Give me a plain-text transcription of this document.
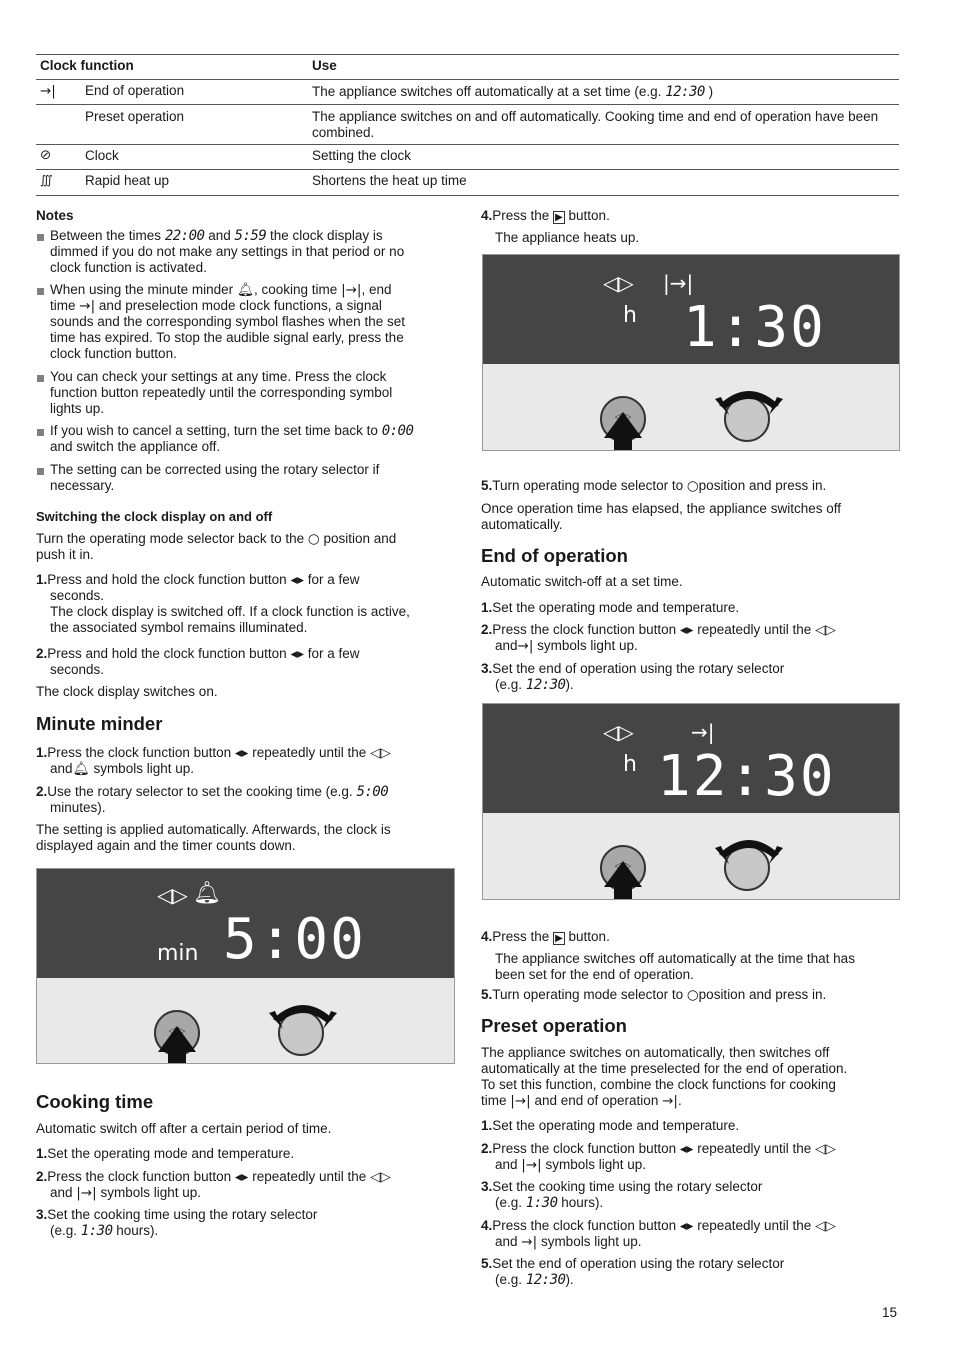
Clock function	Use
→| End of operation	The appliance switches off automatically at a set time (e.g. 12:30 )
Preset operation	The appliance switches on and off automatically. Cooking time and end of operation have been combined.
⊘ Clock	Setting the clock
∭ Rapid heat up	Shortens the heat up time
Notes
Between the times 22:00 and 5:59 the clock display is
dimmed if you do not make any settings in that period or no
clock function is activated.
When using the minute minder 🔔︎, cooking time |→|, end
time →| and preselection mode clock functions, a signal
sounds and the corresponding symbol flashes when the set
time has expired. To stop the audible signal early, press the
clock function button.
You can check your settings at any time. Press the clock
function button repeatedly until the corresponding symbol
lights up.
If you wish to cancel a setting, turn the set time back to 0:00
and switch the appliance off.
The setting can be corrected using the rotary selector if
necessary.
Switching the clock display on and off
Turn the operating mode selector back to the ○ position and
push it in.
1.Press and hold the clock function button ◂▸ for a few
seconds.
The clock display is switched off. If a clock function is active,
the associated symbol remains illuminated.
2.Press and hold the clock function button ◂▸ for a few
seconds.
The clock display switches on.
Minute minder
1.Press the clock function button ◂▸ repeatedly until the ◁▷
and🔔︎ symbols light up.
2.Use the rotary selector to set the cooking time (e.g. 5:00
minutes).
The setting is applied automatically. Afterwards, the clock is
displayed again and the timer counts down.
◁▷ 🔔︎
min 5:00
◁▷
Cooking time
Automatic switch off after a certain period of time.
1.Set the operating mode and temperature.
2.Press the clock function button ◂▸ repeatedly until the ◁▷
and |→| symbols light up.
3.Set the cooking time using the rotary selector
(e.g. 1:30 hours).
4.Press the ▶ button.
The appliance heats up.
◁▷ |→|
h 1:30
◁▷
5.Turn operating mode selector to ○position and press in.
Once operation time has elapsed, the appliance switches off
automatically.
End of operation
Automatic switch-off at a set time.
1.Set the operating mode and temperature.
2.Press the clock function button ◂▸ repeatedly until the ◁▷
and→| symbols light up.
3.Set the end of operation using the rotary selector
(e.g. 12:30).
◁▷	→|
h 12:30
◁▷
4.Press the ▶ button.
The appliance switches off automatically at the time that has
been set for the end of operation.
5.Turn operating mode selector to ○position and press in.
Preset operation
The appliance switches on automatically, then switches off
automatically at the time preselected for the end of operation.
To set this function, combine the clock functions for cooking
time |→| and end of operation →|.
1.Set the operating mode and temperature.
2.Press the clock function button ◂▸ repeatedly until the ◁▷
and |→| symbols light up.
3.Set the cooking time using the rotary selector
(e.g. 1:30 hours).
4.Press the clock function button ◂▸ repeatedly until the ◁▷
and →| symbols light up.
5.Set the end of operation using the rotary selector
(e.g. 12:30).
15
